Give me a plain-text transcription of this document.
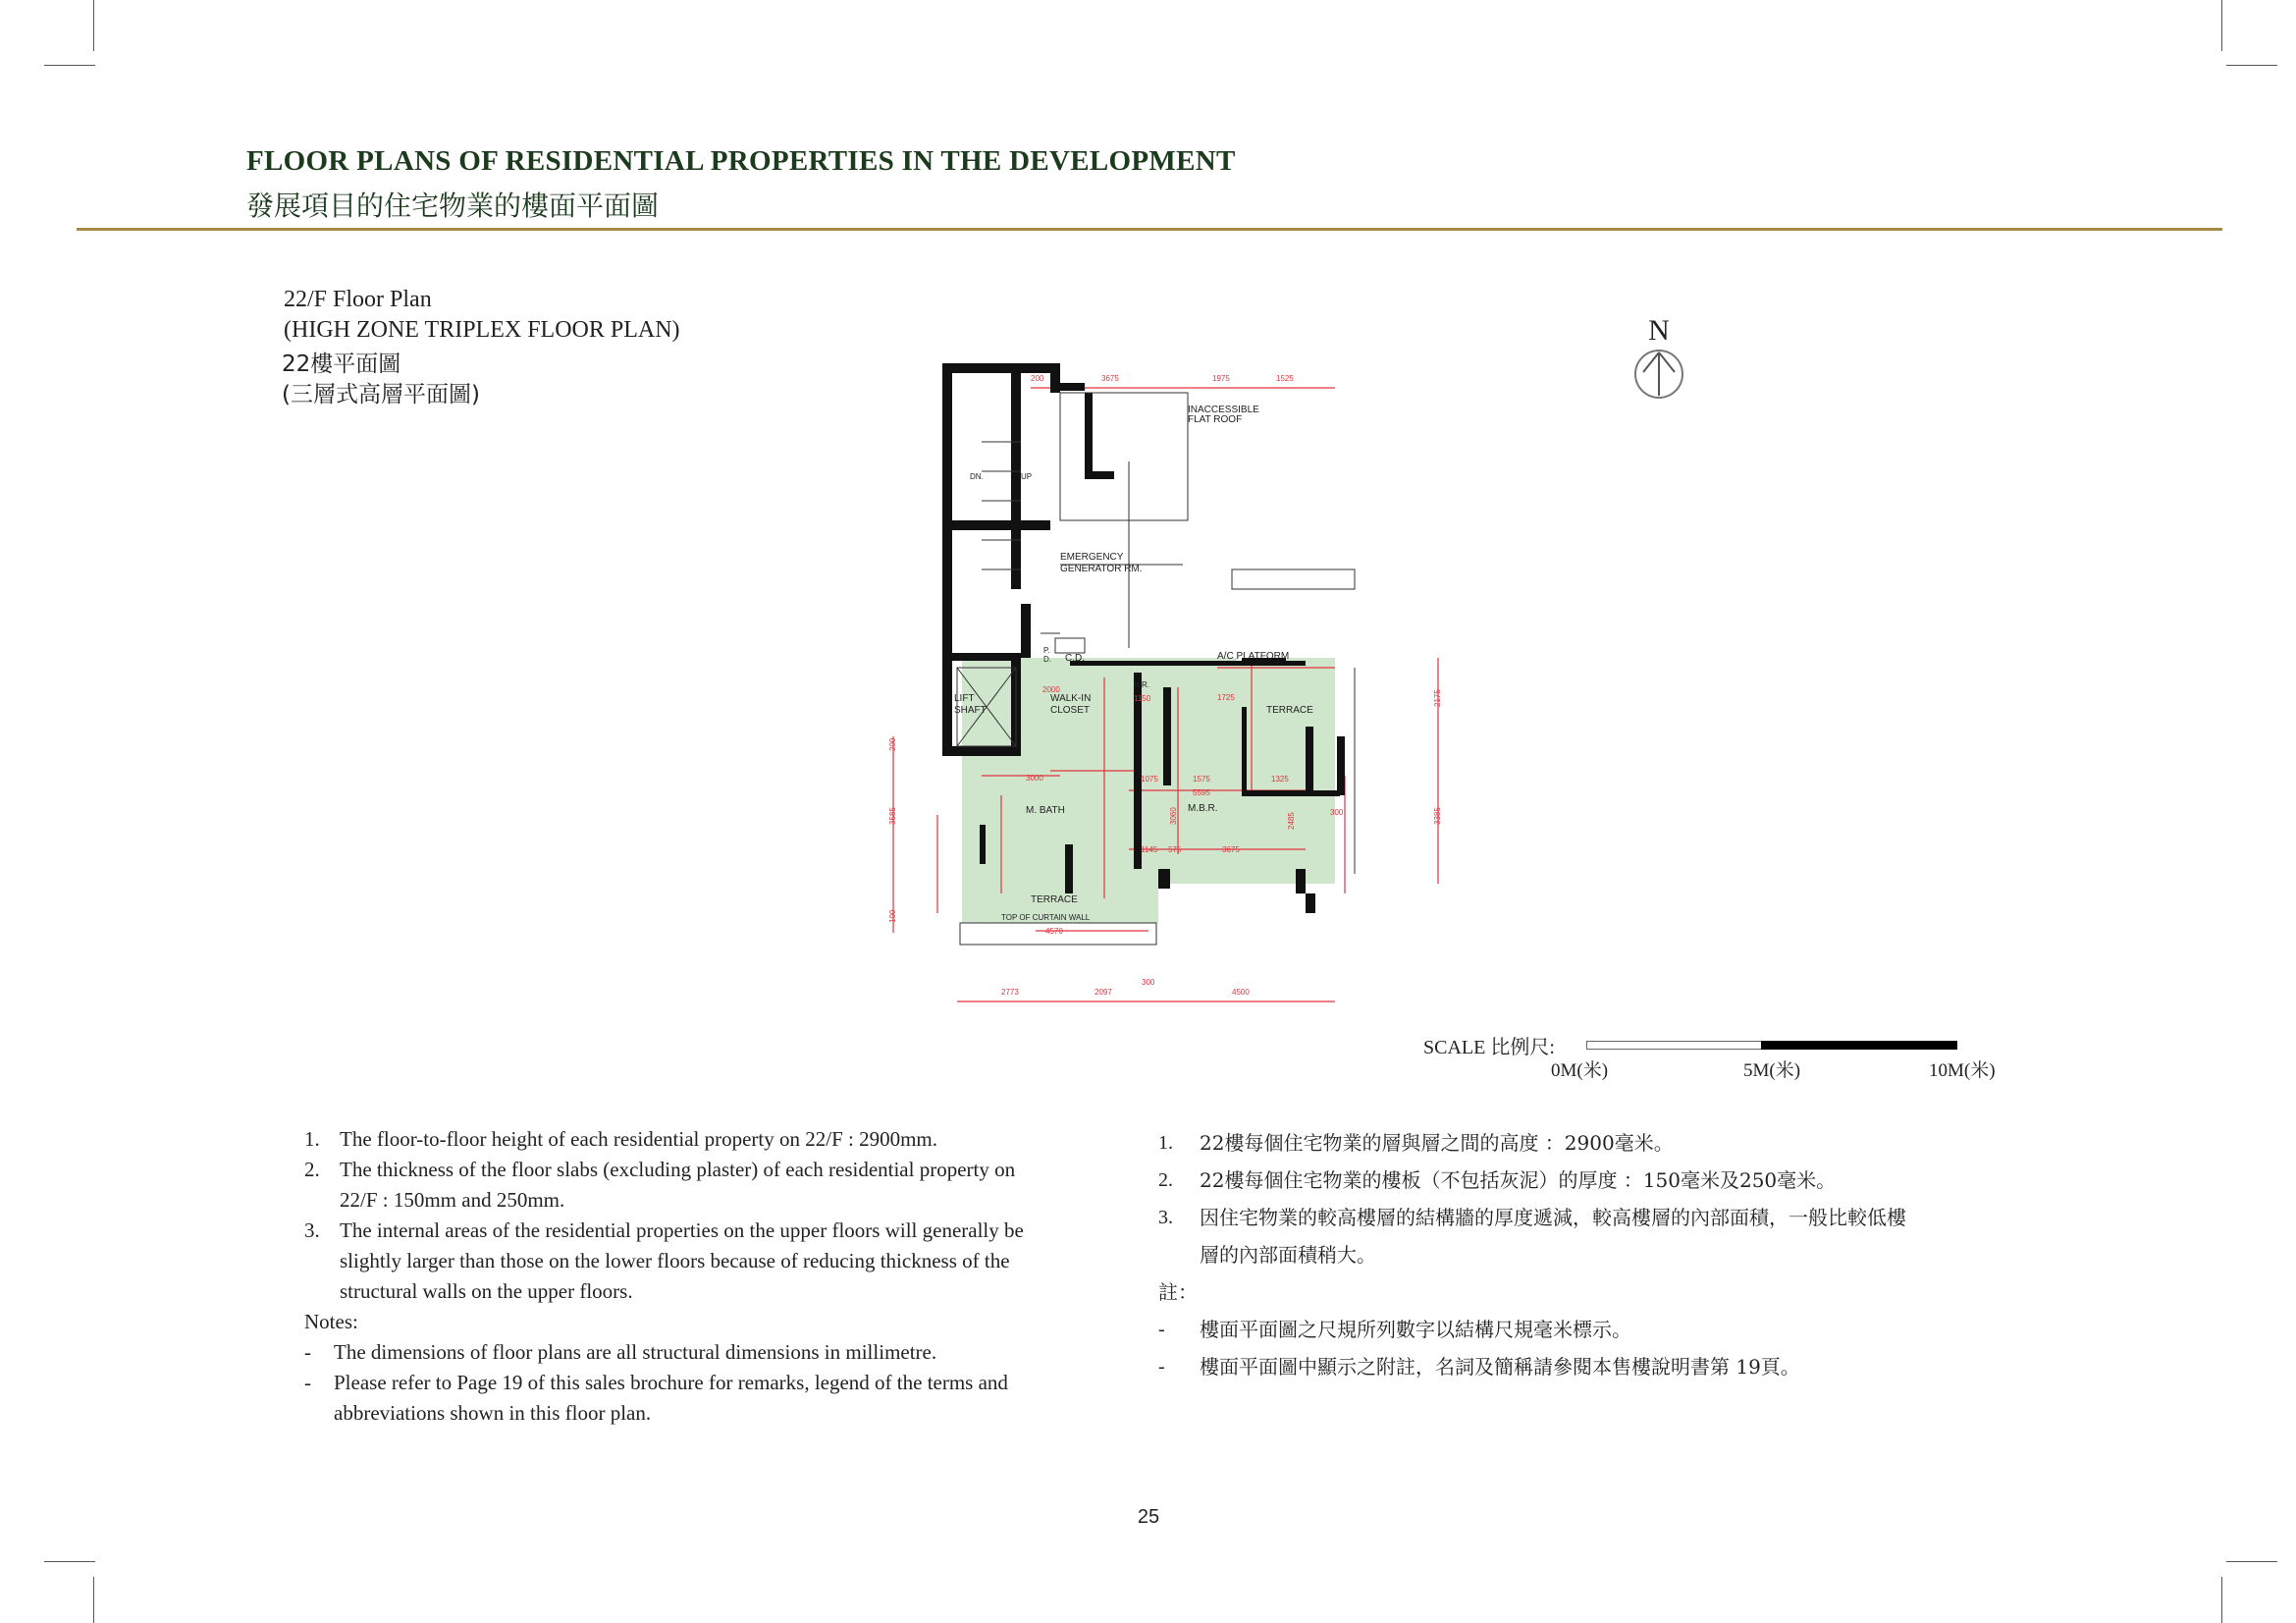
FLOOR PLANS OF RESIDENTIAL PROPERTIES IN THE DEVELOPMENT
發展項目的住宅物業的樓面平面圖
22/F Floor Plan
(HIGH ZONE TRIPLEX FLOOR PLAN)
22樓平面圖
(三層式高層平面圖)
N
INACCESSIBLE
FLAT ROOF
EMERGENCY
GENERATOR RM.
A/C PLATFORM
LIFT
SHAFT
WALK-IN
CLOSET	TERRACE
M. BATH	M.B.R.
TERRACE
TOP OF CURTAIN WALL
P.
D. C.D.
H.R.
DN.	UP
200	3675	1975	1525
2773	2097
300
4500
4570
3000
5595
3675
1075	1575
1145 575
2000
1150
3585
2175
3385
200
300
100
2485
3060
1325
1725
SCALE 比例尺:
0M(米)	5M(米)	10M(米)
1. The floor-to-floor height of each residential property on 22/F : 2900mm.
2. The thickness of the floor slabs (excluding plaster) of each residential property on
22/F : 150mm and 250mm.
3. The internal areas of the residential properties on the upper floors will generally be
slightly larger than those on the lower floors because of reducing thickness of the
structural walls on the upper floors.
Notes:
-	The dimensions of floor plans are all structural dimensions in millimetre.
-	Please refer to Page 19 of this sales brochure for remarks, legend of the terms and
abbreviations shown in this floor plan.
1.	22樓每個住宅物業的層與層之間的高度 ：2900毫米。
2.	22樓每個住宅物業的樓板（不包括灰泥）的厚度 ：150毫米及250毫米。
3.	因住宅物業的較高樓層的結構牆的厚度遞減，較高樓層的內部面積，一般比較低樓
層的內部面積稍大。
註：
-	樓面平面圖之尺規所列數字以結構尺規毫米標示。
-	樓面平面圖中顯示之附註，名詞及簡稱請參閱本售樓說明書第 19頁。
25
